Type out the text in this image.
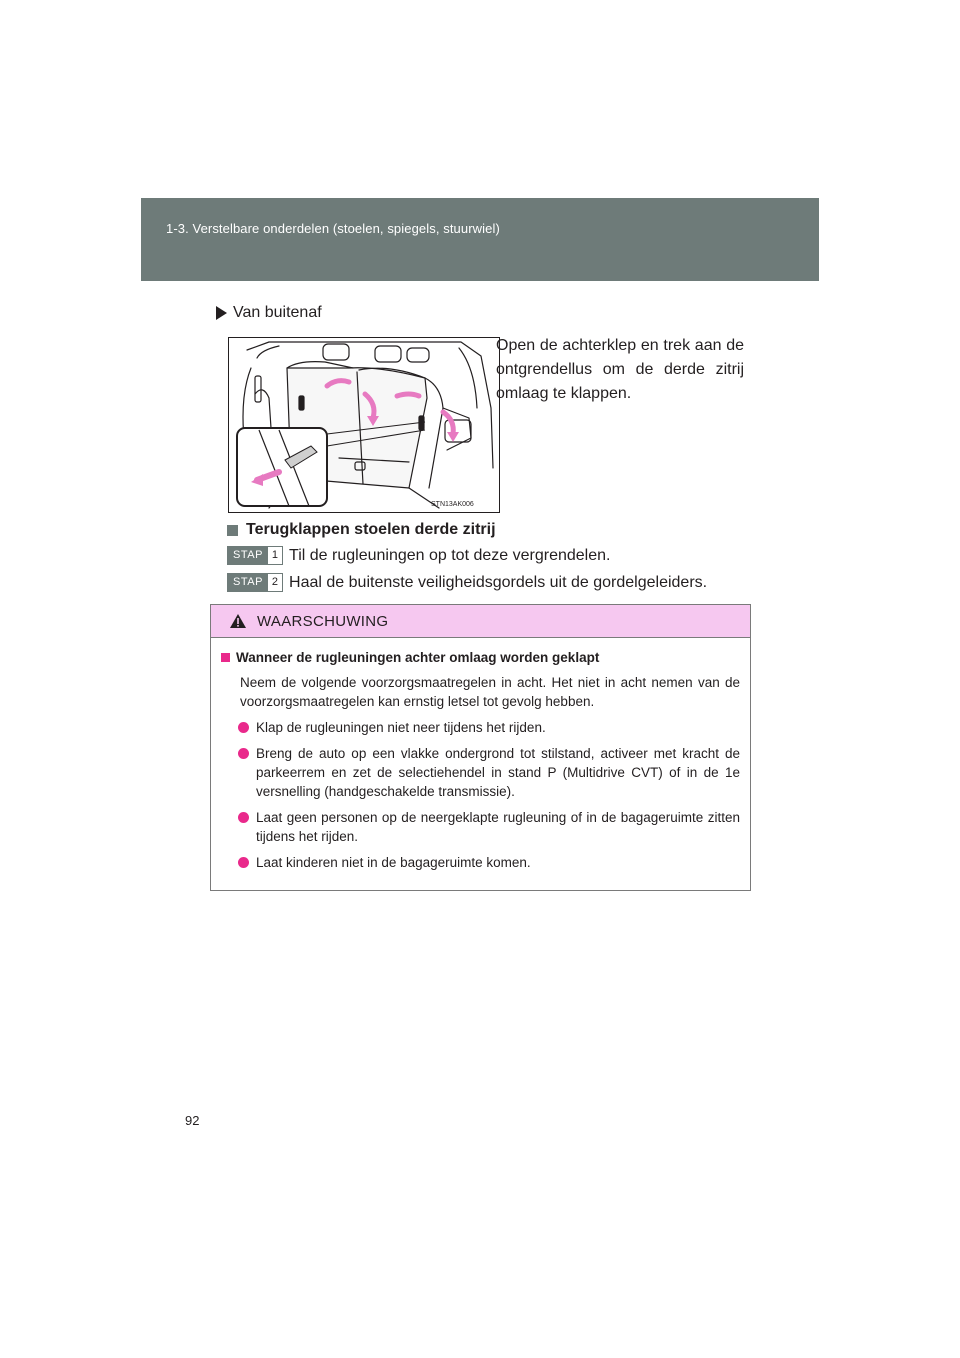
1-3. Verstelbare onderdelen (stoelen, spiegels, stuurwiel)
Van buitenaf
STN13AK006
Open de achterklep en trek aan de ontgrendellus om de derde zitrij omlaag te klappen.
Terugklappen stoelen derde zitrij
STAP 1 Til de rugleuningen op tot deze vergrendelen.
STAP 2 Haal de buitenste veiligheidsgordels uit de gordelgeleiders.
WAARSCHUWING
Wanneer de rugleuningen achter omlaag worden geklapt
Neem de volgende voorzorgsmaatregelen in acht. Het niet in acht nemen van de voorzorgsmaatregelen kan ernstig letsel tot gevolg hebben.
Klap de rugleuningen niet neer tijdens het rijden.
Breng de auto op een vlakke ondergrond tot stilstand, activeer met kracht de parkeerrem en zet de selectiehendel in stand P (Multidrive CVT) of in de 1e versnelling (handgeschakelde transmissie).
Laat geen personen op de neergeklapte rugleuning of in de bagageruimte zitten tijdens het rijden.
Laat kinderen niet in de bagageruimte komen.
92
